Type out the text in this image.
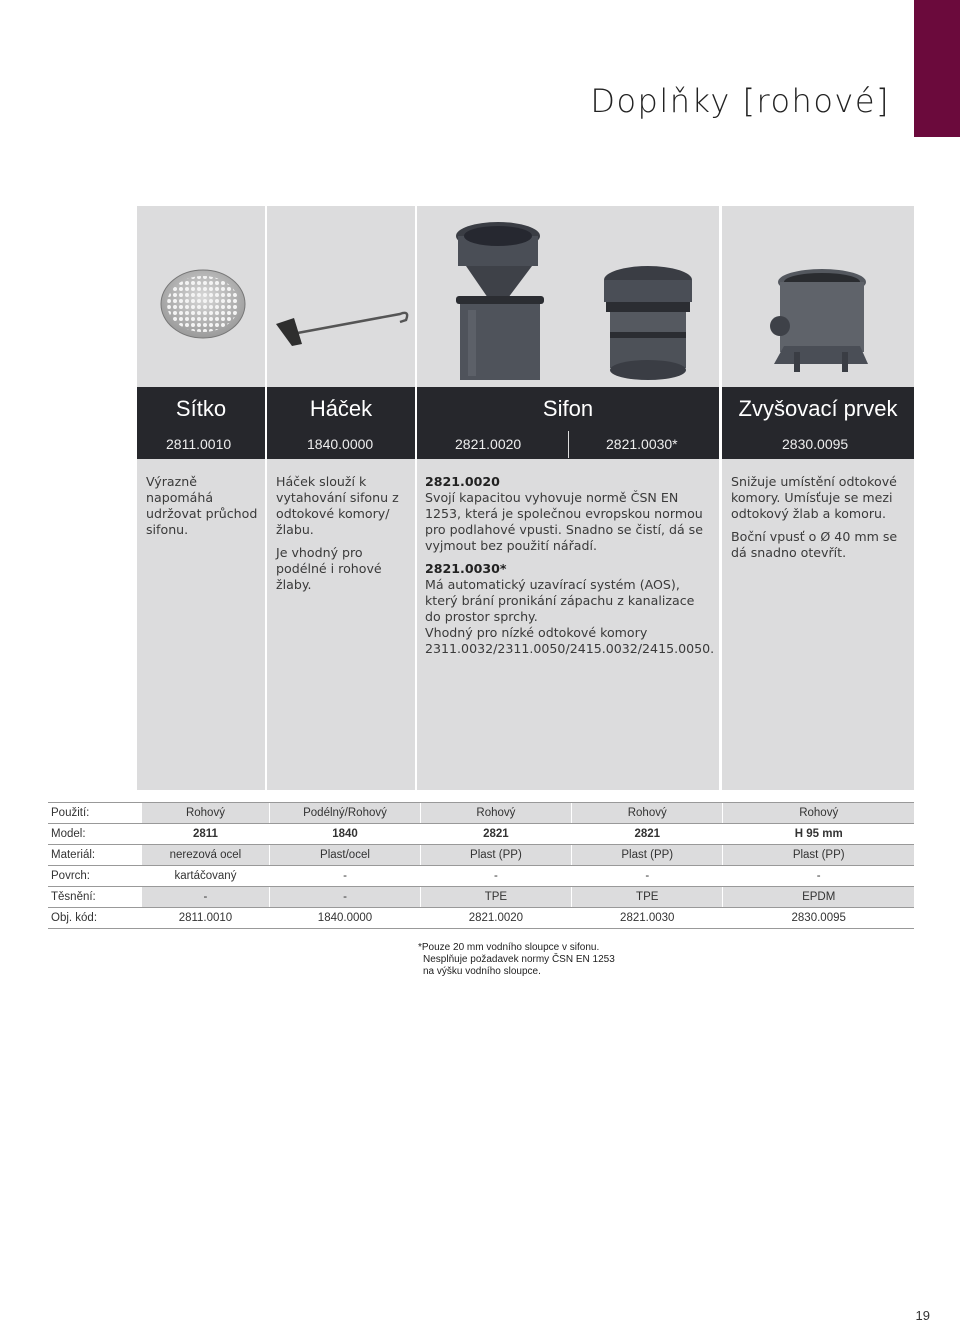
Doplňky [rohové]
Sítko
2811.0010
Háček
1840.0000
Sifon
2821.0020	2821.0030*
Zvyšovací prvek
2830.0095

Výrazně napomáhá udržovat průchod sifonu.

Háček slouží k vytahování sifonu z odtokové komory/ žlabu.

Je vhodný pro podélné i rohové žlaby.

2821.0020

Svojí kapacitou vyhovuje normě ČSN EN 1253, která je společnou evropskou normou pro podlahové vpusti. Snadno se čistí, dá se vyjmout bez použití nářadí.

2821.0030*

Má automatický uzavírací systém (AOS), který brání pronikání zápachu z kanalizace do prostor sprchy.

Vhodný pro nízké odtokové komory 2311.0032/2311.0050/2415.0032/2415.0050.

Snižuje umístění odtokové komory. Umísťuje se mezi odtokový žlab a komoru.

Boční vpusť o Ø 40 mm se dá snadno otevřít.

Použití:	Rohový	Podélný/Rohový	Rohový	Rohový	Rohový
Model:	2811	1840	2821	2821	H 95 mm
Materiál:	nerezová ocel	Plast/ocel	Plast (PP)	Plast (PP)	Plast (PP)
Povrch:	kartáčovaný	-	-	-	-
Těsnění:	-	-	TPE	TPE	EPDM
Obj. kód:	2811.0010	1840.0000	2821.0020	2821.0030	2830.0095
*Pouze 20 mm vodního sloupce v sifonu.
Nesplňuje požadavek normy ČSN EN 1253
na výšku vodního sloupce.
19
